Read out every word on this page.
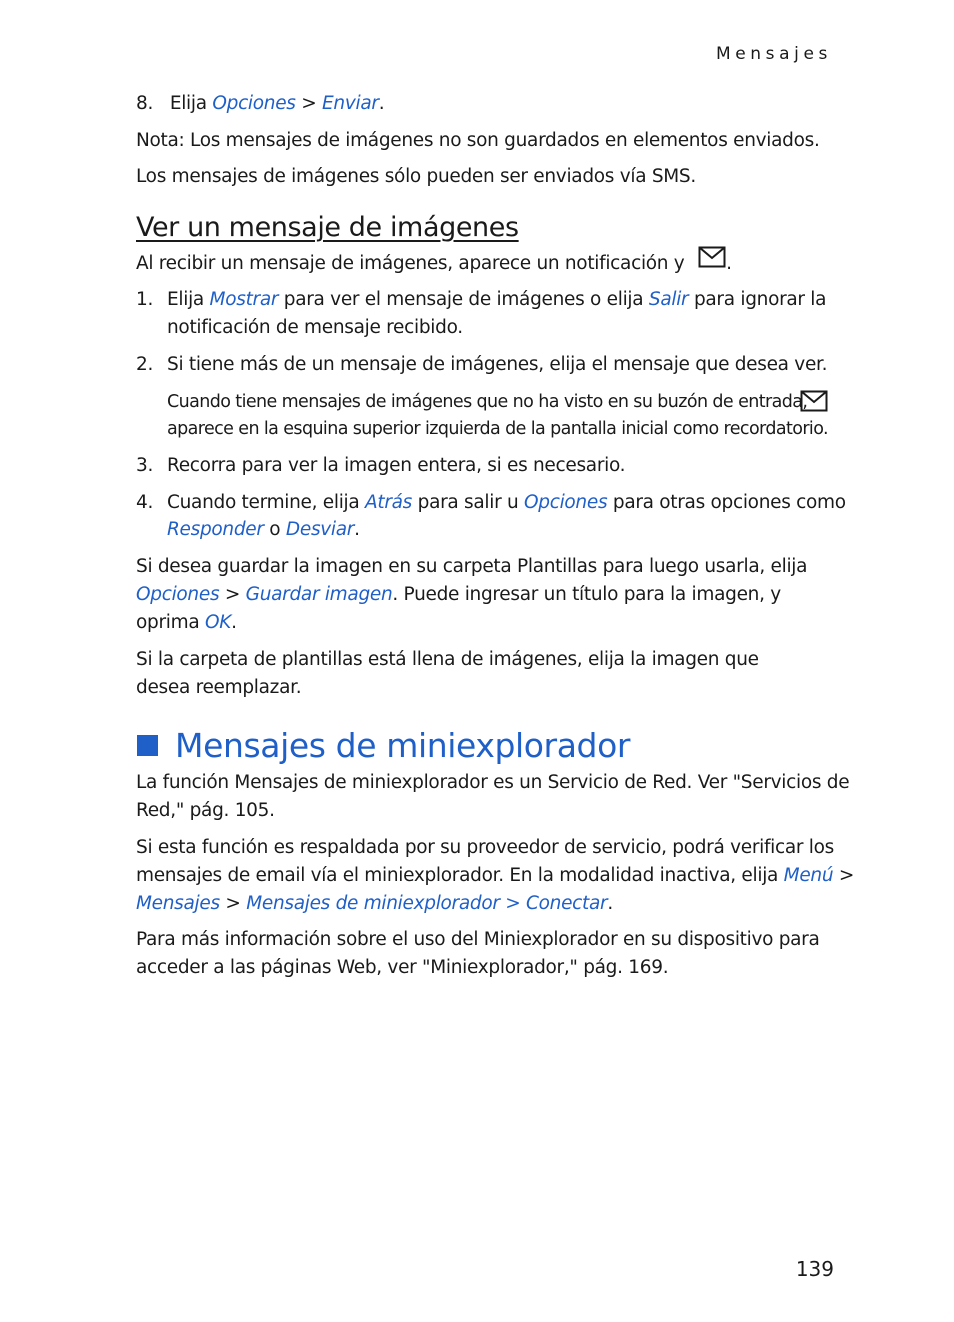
Mensajes
8. Elija Opciones > Enviar.
Nota: Los mensajes de imágenes no son guardados en elementos enviados.
Los mensajes de imágenes sólo pueden ser enviados vía SMS.
Ver un mensaje de imágenes
Al recibir un mensaje de imágenes, aparece un notificación y .
1. Elija Mostrar para ver el mensaje de imágenes o elija Salir para ignorar la
notificación de mensaje recibido.
2. Si tiene más de un mensaje de imágenes, elija el mensaje que desea ver.
Cuando tiene mensajes de imágenes que no ha visto en su buzón de entrada,
aparece en la esquina superior izquierda de la pantalla inicial como recordatorio.
3. Recorra para ver la imagen entera, si es necesario.
4. Cuando termine, elija Atrás para salir u Opciones para otras opciones como
Responder o Desviar.
Si desea guardar la imagen en su carpeta Plantillas para luego usarla, elija
Opciones > Guardar imagen. Puede ingresar un título para la imagen, y
oprima OK.
Si la carpeta de plantillas está llena de imágenes, elija la imagen que
desea reemplazar.
Mensajes de miniexplorador
La función Mensajes de miniexplorador es un Servicio de Red. Ver "Servicios de
Red," pág. 105.
Si esta función es respaldada por su proveedor de servicio, podrá verificar los
mensajes de email vía el miniexplorador. En la modalidad inactiva, elija Menú >
Mensajes > Mensajes de miniexplorador > Conectar.
Para más información sobre el uso del Miniexplorador en su dispositivo para
acceder a las páginas Web, ver "Miniexplorador," pág. 169.
139
